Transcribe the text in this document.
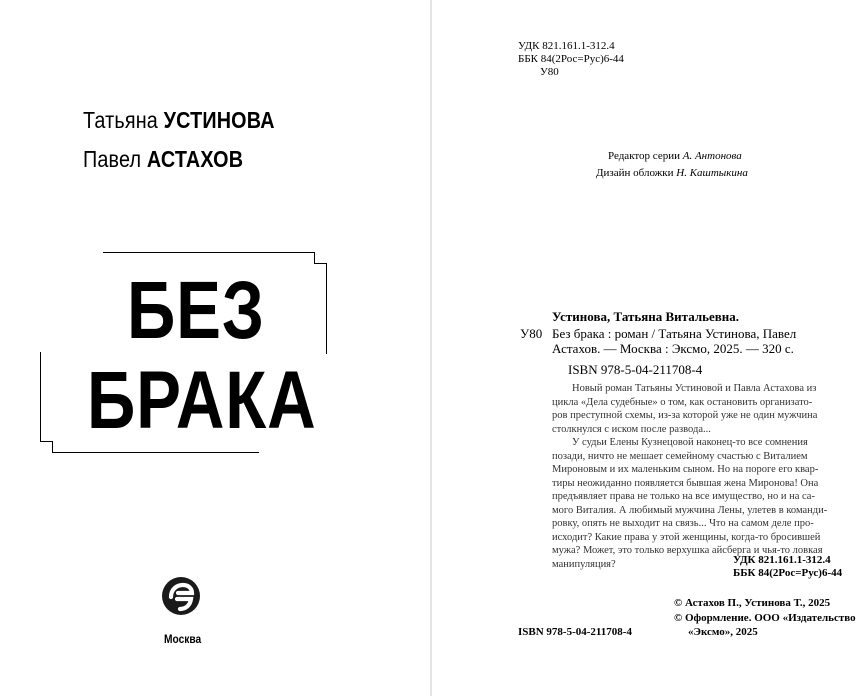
Татьяна УСТИНОВА
Павел АСТАХОВ
БЕЗ
БРАКА
Москва
УДК 821.161.1-312.4
ББК 84(2Рос=Рус)6-44
У80
Редактор серии А. Антонова
Дизайн обложки Н. Каштыкина
Устинова, Татьяна Витальевна.
У80 Без брака : роман / Татьяна Устинова, Павел
Астахов. — Москва : Эксмо, 2025. — 320 с.
ISBN 978-5-04-211708-4

Новый роман Татьяны Устиновой и Павла Астахова из

цикла «Дела судебные» о том, как остановить организато-

ров преступной схемы, из-за которой уже не один мужчина

столкнулся с иском после развода...

У судьи Елены Кузнецовой наконец-то все сомнения

позади, ничто не мешает семейному счастью с Виталием

Мироновым и их маленьким сыном. Но на пороге его квар-

тиры неожиданно появляется бывшая жена Миронова! Она

предъявляет права не только на все имущество, но и на са-

мого Виталия. А любимый мужчина Лены, улетев в команди-

ровку, опять не выходит на связь... Что на самом деле про-

исходит? Какие права у этой женщины, когда-то бросившей

мужа? Может, это только верхушка айсберга и чья-то ловкая

манипуляция?	УДК 821.161.1-312.4
ББК 84(2Рос=Рус)6-44
© Астахов П., Устинова Т., 2025
© Оформление. ООО «Издательство
ISBN 978-5-04-211708-4	«Эксмо», 2025
